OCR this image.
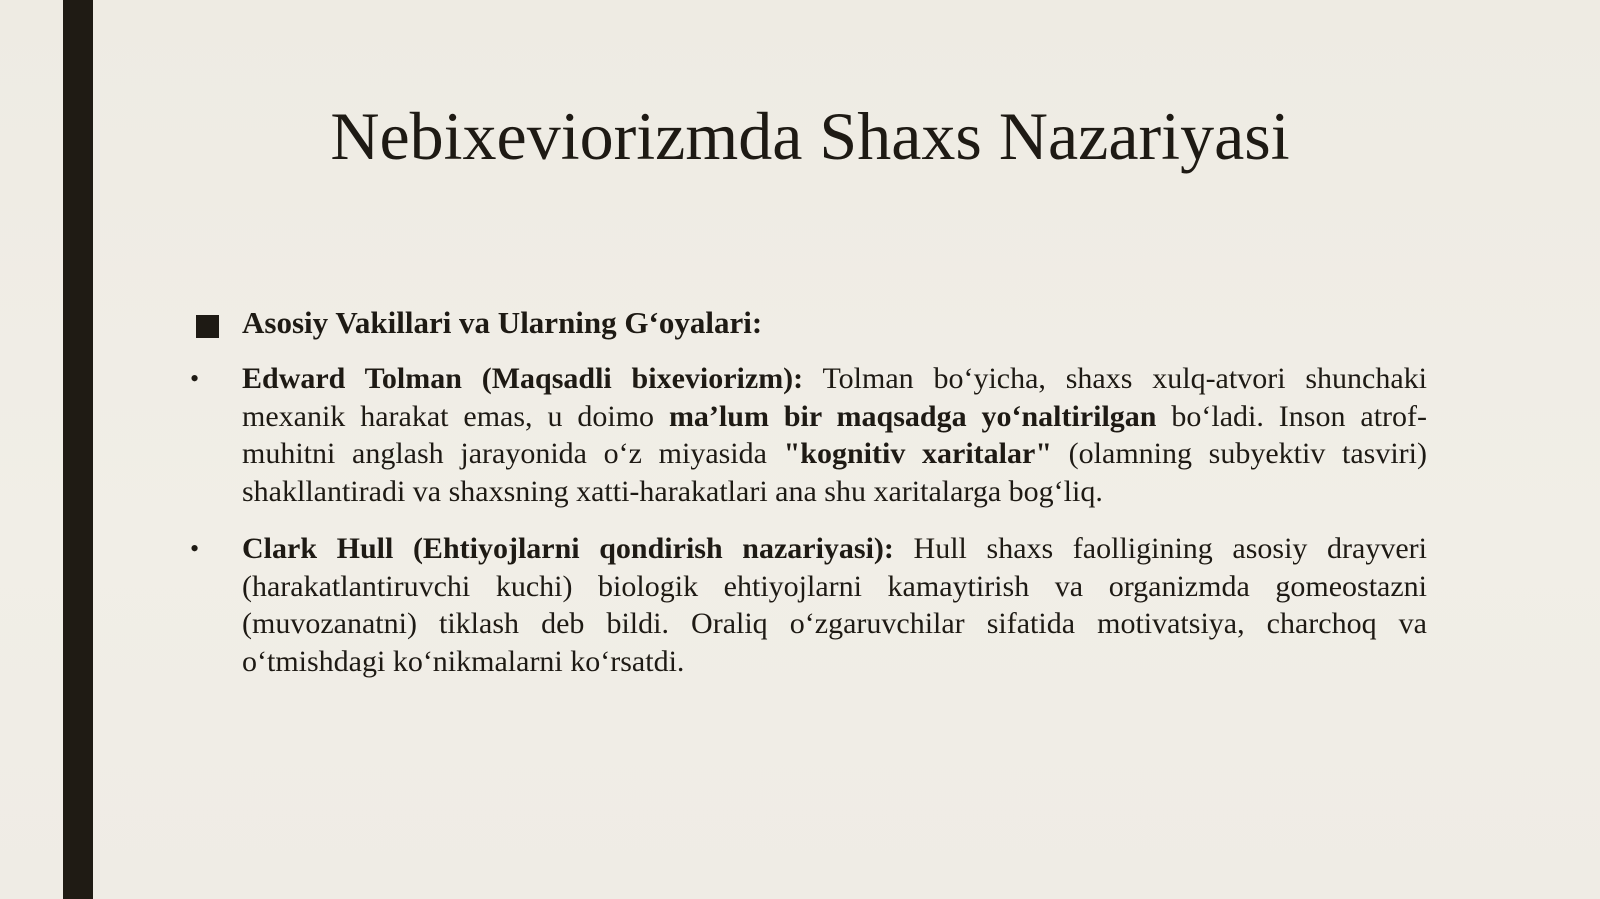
Nebixeviorizmda Shaxs Nazariyasi
Asosiy Vakillari va Ularning G‘oyalari:
•	Edward Tolman (Maqsadli bixeviorizm): Tolman bo‘yicha, shaxs xulq-atvori shunchaki mexanik harakat emas, u doimo ma’lum bir maqsadga yo‘naltirilgan bo‘ladi. Inson atrof-muhitni anglash jarayonida o‘z miyasida "kognitiv xaritalar" (olamning subyektiv tasviri) shakllantiradi va shaxsning xatti-harakatlari ana shu xaritalarga bog‘liq.
•	Clark Hull (Ehtiyojlarni qondirish nazariyasi): Hull shaxs faolligining asosiy drayveri (harakatlantiruvchi kuchi) biologik ehtiyojlarni kamaytirish va organizmda gomeostazni (muvozanatni) tiklash deb bildi. Oraliq o‘zgaruvchilar sifatida motivatsiya, charchoq va o‘tmishdagi ko‘nikmalarni ko‘rsatdi.
